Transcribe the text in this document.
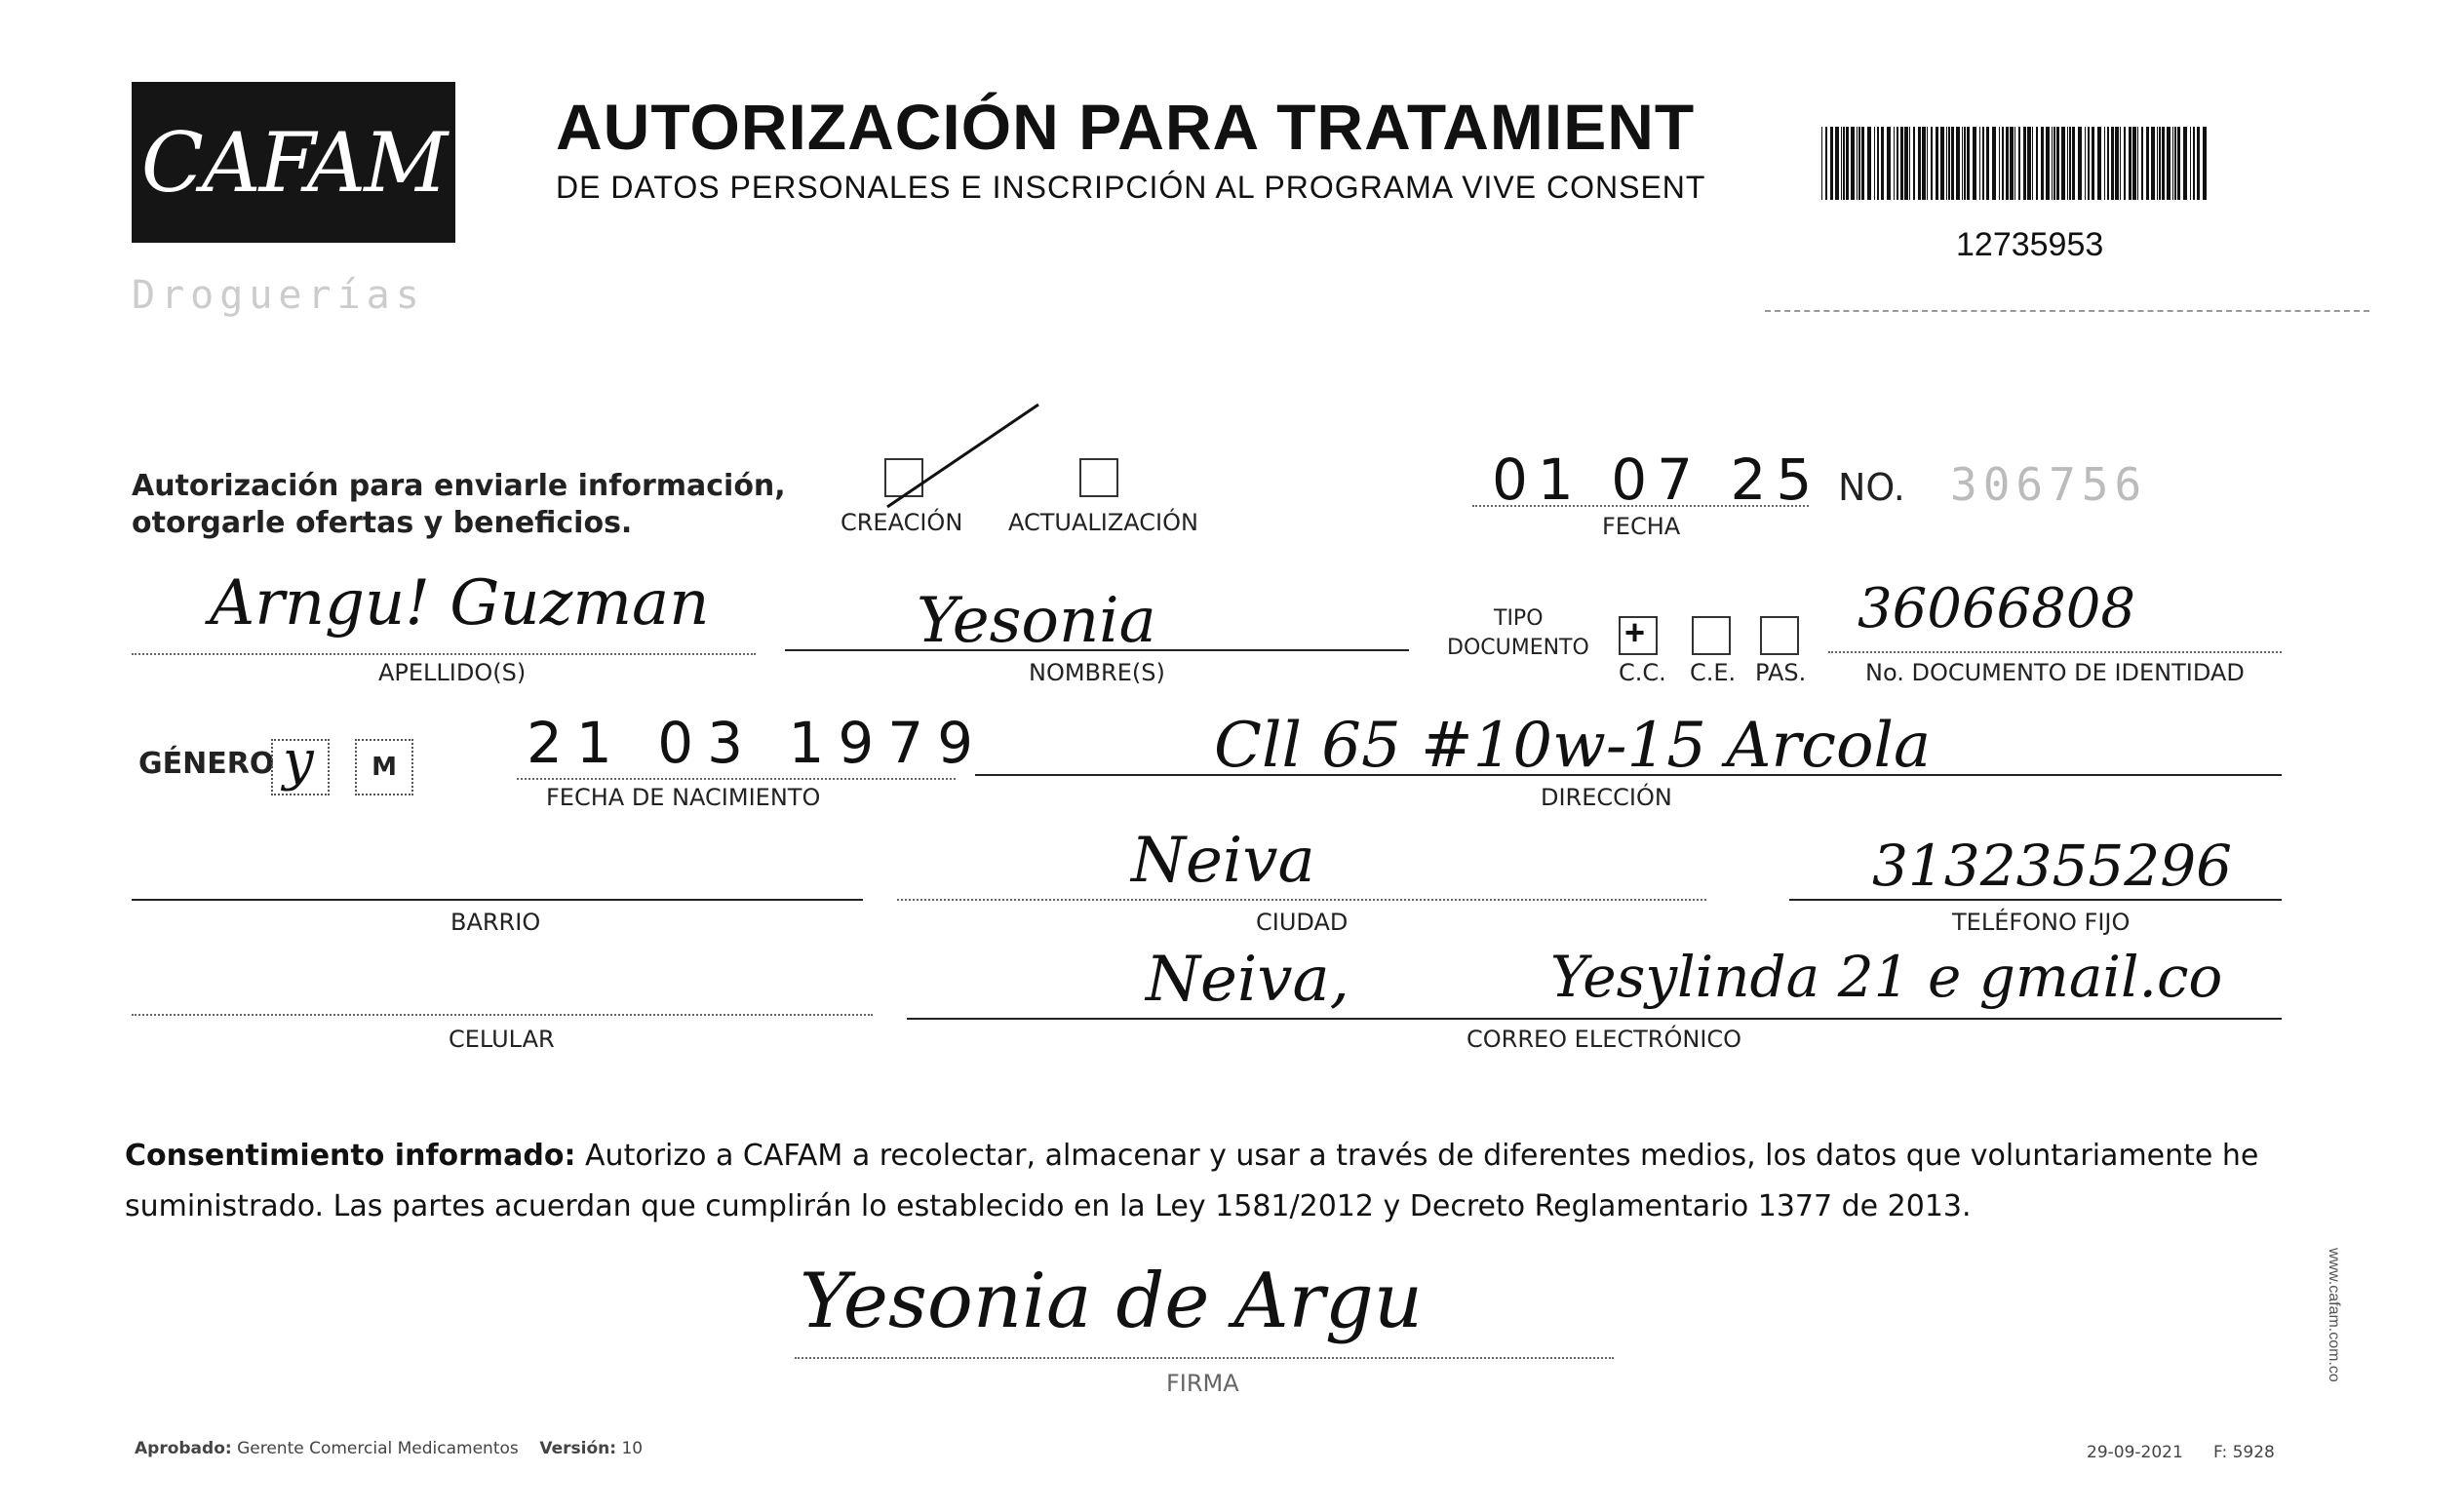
CAFAM
Droguerías
AUTORIZACIÓN PARA TRATAMIENT
DE DATOS PERSONALES E INSCRIPCIÓN AL PROGRAMA VIVE CONSENT
12735953
Autorización para enviarle información,
otorgarle ofertas y beneficios.	CREACIÓN ACTUALIZACIÓN
01 07 25
FECHA
NO. 306756
Arngu! Guzman
APELLIDO(S)
Yesonia
NOMBRE(S)
TIPO
DOCUMENTO +
C.C. C.E. PAS.
36066808
No. DOCUMENTO DE IDENTIDAD
GÉNERO y M 21 03 1979
FECHA DE NACIMIENTO
Cll 65 #10w-15 Arcola
DIRECCIÓN
BARRIO
Neiva
CIUDAD
3132355296
TELÉFONO FIJO
CELULAR
Neiva,	Yesylinda 21 e gmail.co
CORREO ELECTRÓNICO
Consentimiento informado: Autorizo a CAFAM a recolectar, almacenar y usar a través de diferentes medios, los datos que voluntariamente he suministrado. Las partes acuerdan que cumplirán lo establecido en la Ley 1581/2012 y Decreto Reglamentario 1377 de 2013.
Yesonia de Argu
FIRMA
Aprobado: Gerente Comercial Medicamentos Versión: 10	29-09-2021 F: 5928
www.cafam.com.co
